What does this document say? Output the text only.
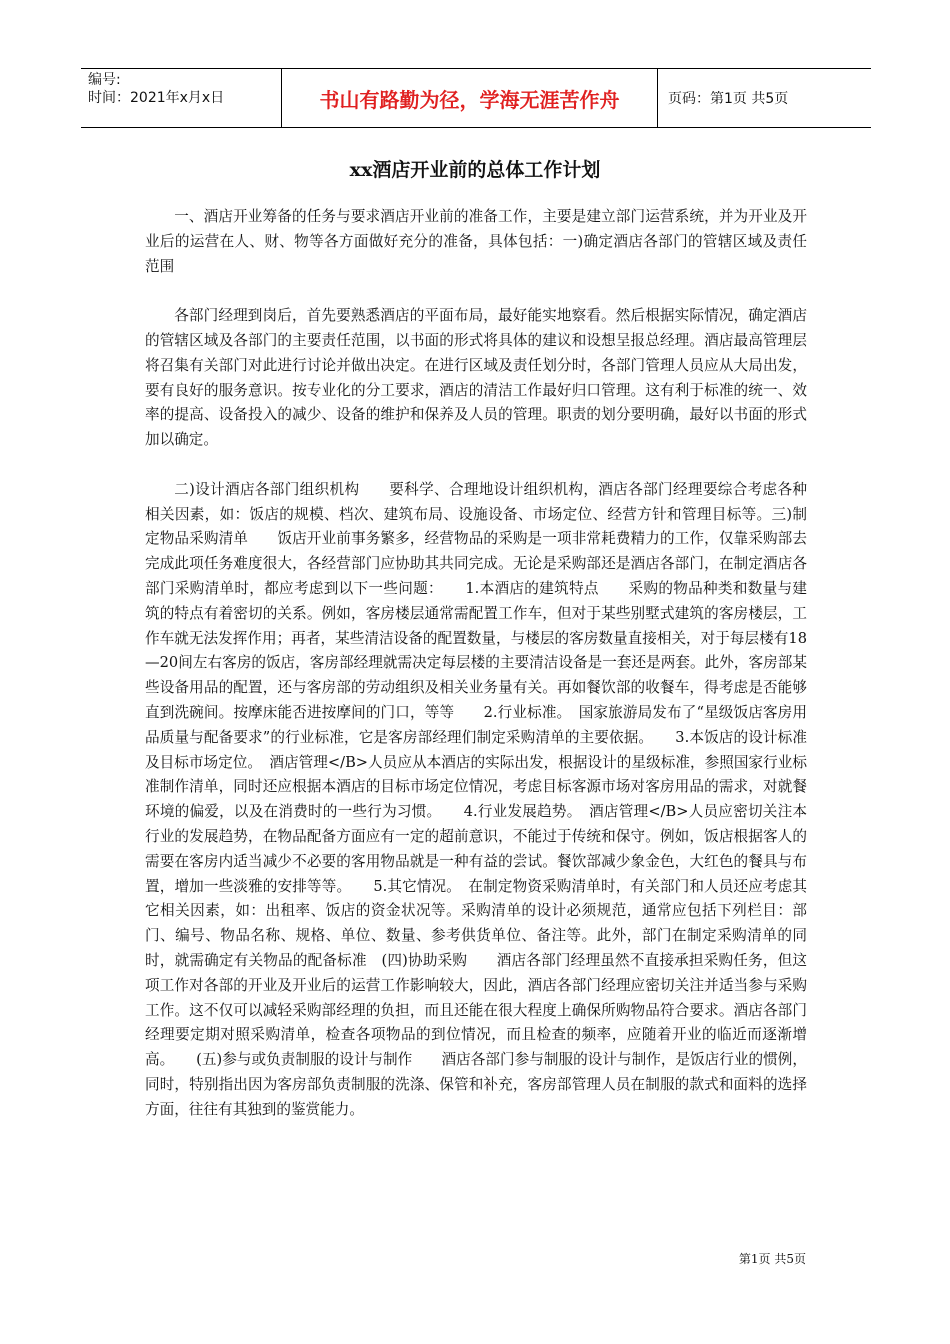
编号:
时间：2021年x月x日	书山有路勤为径，学海无涯苦作舟	页码：第1页 共5页
xx酒店开业前的总体工作计划

一、酒店开业筹备的任务与要求酒店开业前的准备工作，主要是建立部门运营系统，并为开业及开业后的运营在人、财、物等各方面做好充分的准备，具体包括：一)确定酒店各部门的管辖区域及责任范围

各部门经理到岗后，首先要熟悉酒店的平面布局，最好能实地察看。然后根据实际情况，确定酒店的管辖区域及各部门的主要责任范围，以书面的形式将具体的建议和设想呈报总经理。酒店最高管理层将召集有关部门对此进行讨论并做出决定。在进行区域及责任划分时，各部门管理人员应从大局出发，要有良好的服务意识。按专业化的分工要求，酒店的清洁工作最好归口管理。这有利于标准的统一、效率的提高、设备投入的减少、设备的维护和保养及人员的管理。职责的划分要明确，最好以书面的形式加以确定。

二)设计酒店各部门组织机构　　要科学、合理地设计组织机构，酒店各部门经理要综合考虑各种相关因素，如：饭店的规模、档次、建筑布局、设施设备、市场定位、经营方针和管理目标等。三)制定物品采购清单　　饭店开业前事务繁多，经营物品的采购是一项非常耗费精力的工作，仅靠采购部去完成此项任务难度很大，各经营部门应协助其共同完成。无论是采购部还是酒店各部门，在制定酒店各部门采购清单时，都应考虑到以下一些问题：　　1.本酒店的建筑特点　　采购的物品种类和数量与建筑的特点有着密切的关系。例如，客房楼层通常需配置工作车，但对于某些别墅式建筑的客房楼层，工作车就无法发挥作用；再者，某些清洁设备的配置数量，与楼层的客房数量直接相关，对于每层楼有18—20间左右客房的饭店，客房部经理就需决定每层楼的主要清洁设备是一套还是两套。此外，客房部某些设备用品的配置，还与客房部的劳动组织及相关业务量有关。再如餐饮部的收餐车，得考虑是否能够直到洗碗间。按摩床能否进按摩间的门口，等等　　2.行业标准。　国家旅游局发布了“星级饭店客房用品质量与配备要求”的行业标准，它是客房部经理们制定采购清单的主要依据。　　3.本饭店的设计标准及目标市场定位。　酒店管理</B>人员应从本酒店的实际出发，根据设计的星级标准，参照国家行业标准制作清单，同时还应根据本酒店的目标市场定位情况，考虑目标客源市场对客房用品的需求，对就餐环境的偏爱，以及在消费时的一些行为习惯。　　4.行业发展趋势。　酒店管理</B>人员应密切关注本行业的发展趋势，在物品配备方面应有一定的超前意识，不能过于传统和保守。例如，饭店根据客人的需要在客房内适当减少不必要的客用物品就是一种有益的尝试。餐饮部减少象金色，大红色的餐具与布置，增加一些淡雅的安排等等。　　5.其它情况。　在制定物资采购清单时，有关部门和人员还应考虑其它相关因素，如：出租率、饭店的资金状况等。采购清单的设计必须规范，通常应包括下列栏目：部门、编号、物品名称、规格、单位、数量、参考供货单位、备注等。此外，部门在制定采购清单的同时，就需确定有关物品的配备标准　(四)协助采购　　酒店各部门经理虽然不直接承担采购任务，但这项工作对各部的开业及开业后的运营工作影响较大，因此，酒店各部门经理应密切关注并适当参与采购工作。这不仅可以减轻采购部经理的负担，而且还能在很大程度上确保所购物品符合要求。酒店各部门经理要定期对照采购清单，检查各项物品的到位情况，而且检查的频率，应随着开业的临近而逐渐增高。　　(五)参与或负责制服的设计与制作　　酒店各部门参与制服的设计与制作，是饭店行业的惯例，同时，特别指出因为客房部负责制服的洗涤、保管和补充，客房部管理人员在制服的款式和面料的选择方面，往往有其独到的鉴赏能力。

第1页 共5页
